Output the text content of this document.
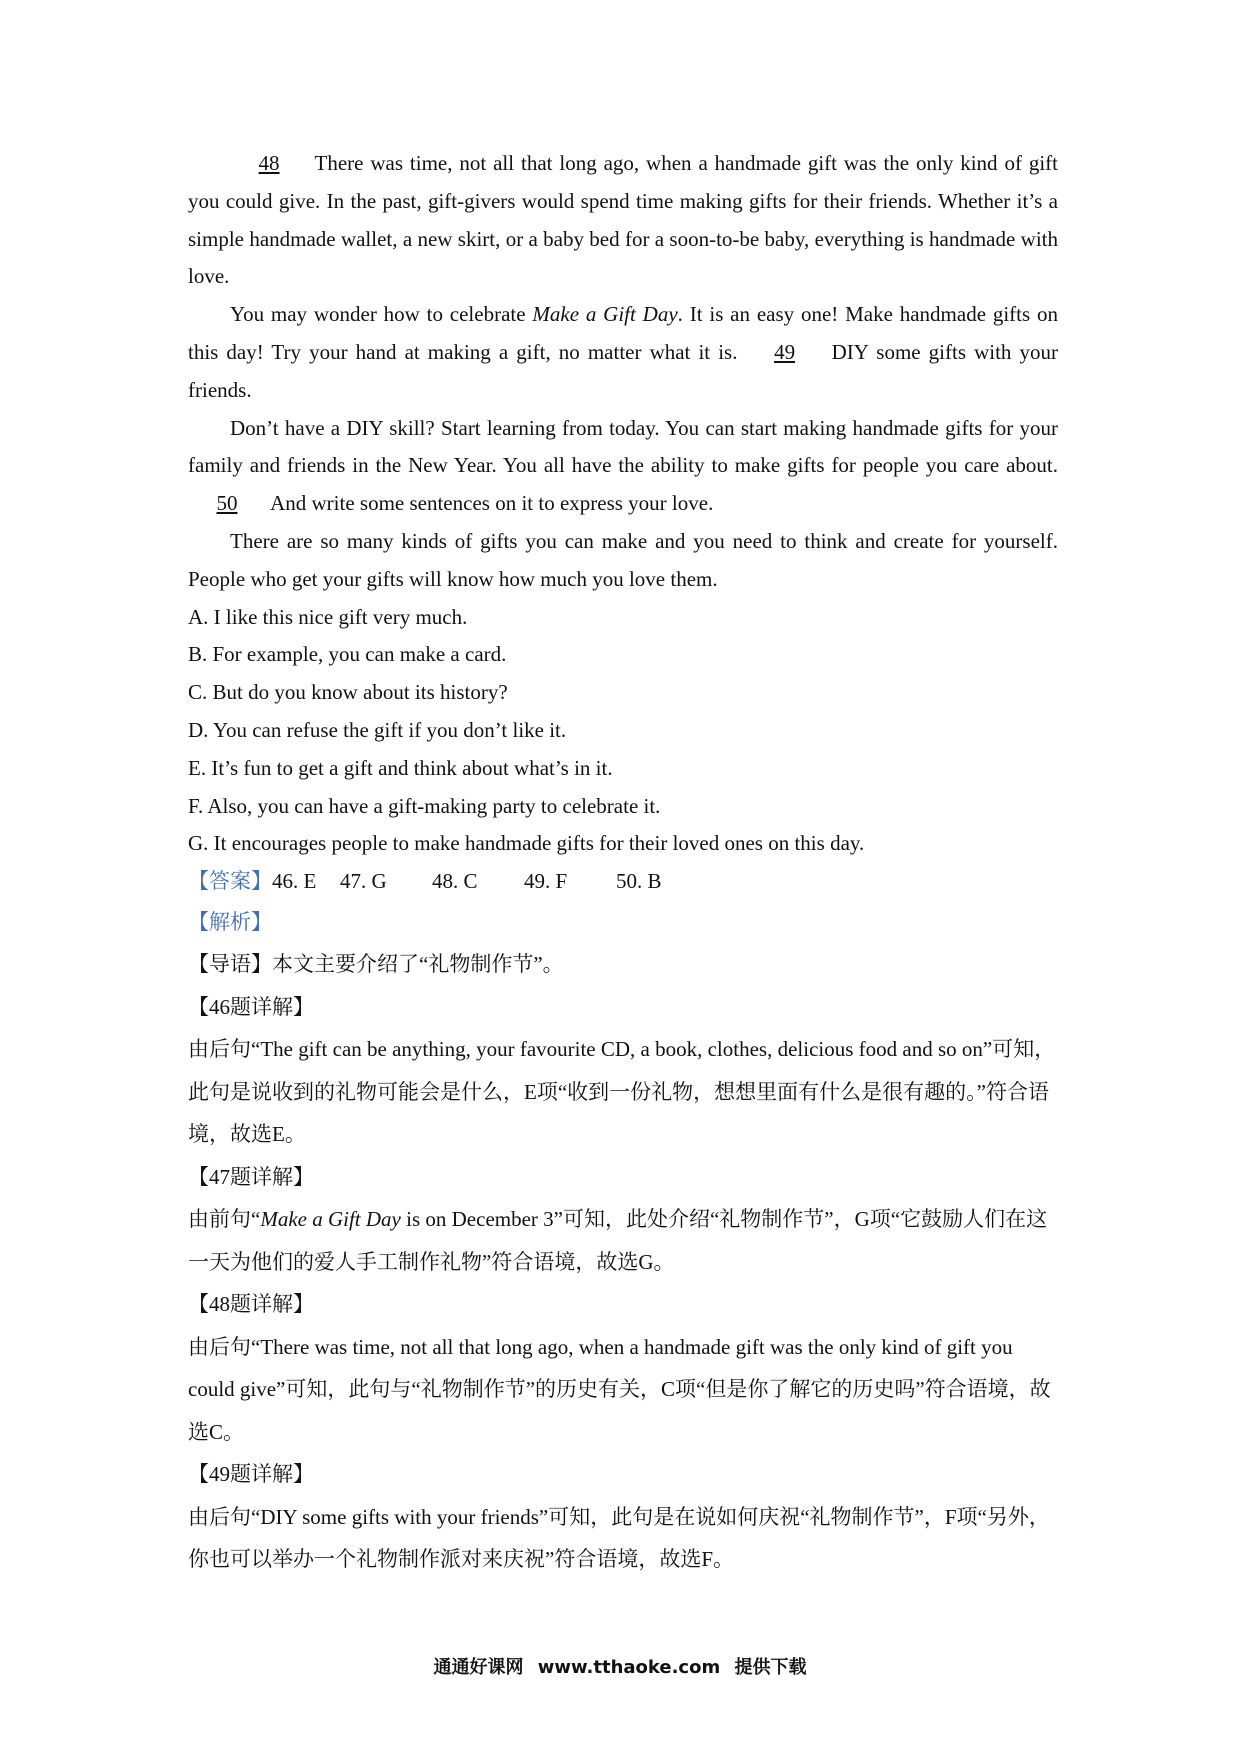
48 There was time, not all that long ago, when a handmade gift was the only kind of gift you could give. In the past, gift-givers would spend time making gifts for their friends. Whether it’s a simple handmade wallet, a new skirt, or a baby bed for a soon-to-be baby, everything is handmade with love.

You may wonder how to celebrate Make a Gift Day. It is an easy one! Make handmade gifts on this day! Try your hand at making a gift, no matter what it is. 49 DIY some gifts with your friends.

Don’t have a DIY skill? Start learning from today. You can start making handmade gifts for your family and friends in the New Year. You all have the ability to make gifts for people you care about. 50 And write some sentences on it to express your love.

There are so many kinds of gifts you can make and you need to think and create for yourself. People who get your gifts will know how much you love them.

A. I like this nice gift very much.

B. For example, you can make a card.

C. But do you know about its history?

D. You can refuse the gift if you don’t like it.

E. It’s fun to get a gift and think about what’s in it.

F. Also, you can have a gift-making party to celebrate it.

G. It encourages people to make handmade gifts for their loved ones on this day.

【答案】 46. E	47. G	48. C	49. F	50. B

【解析】

【导语】本文主要介绍了“礼物制作节”。

【46题详解】

由后句“The gift can be anything, your favourite CD, a book, clothes, delicious food and so on”可知，此句是说收到的礼物可能会是什么，E项“收到一份礼物，想想里面有什么是很有趣的。”符合语境，故选E。

【47题详解】

由前句“Make a Gift Day is on December 3”可知，此处介绍“礼物制作节”，G项“它鼓励人们在这一天为他们的爱人手工制作礼物”符合语境，故选G。

【48题详解】

由后句“There was time, not all that long ago, when a handmade gift was the only kind of gift you could give”可知，此句与“礼物制作节”的历史有关，C项“但是你了解它的历史吗”符合语境，故选C。

【49题详解】

由后句“DIY some gifts with your friends”可知，此句是在说如何庆祝“礼物制作节”，F项“另外，你也可以举办一个礼物制作派对来庆祝”符合语境，故选F。

通通好课网 www.tthaoke.com 提供下载
